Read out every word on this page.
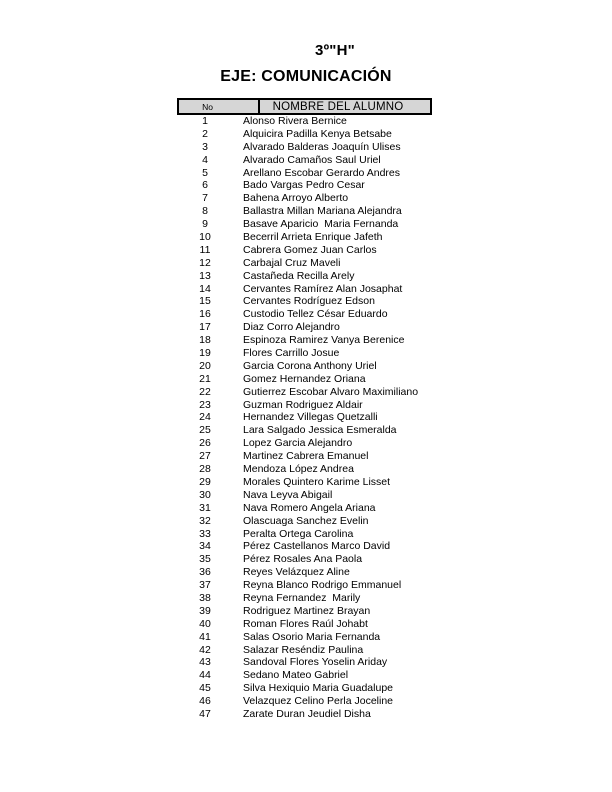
3º"H"
EJE: COMUNICACIÓN
No	NOMBRE DEL ALUMNO
1	Alonso Rivera Bernice
2	Alquicira Padilla Kenya Betsabe
3	Alvarado Balderas Joaquín Ulises
4	Alvarado Camaños Saul Uriel
5	Arellano Escobar Gerardo Andres
6	Bado Vargas Pedro Cesar
7	Bahena Arroyo Alberto
8	Ballastra Millan Mariana Alejandra
9	Basave Aparicio  Maria Fernanda
10	Becerril Arrieta Enrique Jafeth
11	Cabrera Gomez Juan Carlos
12	Carbajal Cruz Maveli
13	Castañeda Recilla Arely
14	Cervantes Ramírez Alan Josaphat
15	Cervantes Rodríguez Edson
16	Custodio Tellez César Eduardo
17	Diaz Corro Alejandro
18	Espinoza Ramirez Vanya Berenice
19	Flores Carrillo Josue
20	Garcia Corona Anthony Uriel
21	Gomez Hernandez Oriana
22	Gutierrez Escobar Alvaro Maximiliano
23	Guzman Rodriguez Aldair
24	Hernandez Villegas Quetzalli
25	Lara Salgado Jessica Esmeralda
26	Lopez Garcia Alejandro
27	Martinez Cabrera Emanuel
28	Mendoza López Andrea
29	Morales Quintero Karime Lisset
30	Nava Leyva Abigail
31	Nava Romero Angela Ariana
32	Olascuaga Sanchez Evelin
33	Peralta Ortega Carolina
34	Pérez Castellanos Marco David
35	Pérez Rosales Ana Paola
36	Reyes Velázquez Aline
37	Reyna Blanco Rodrigo Emmanuel
38	Reyna Fernandez  Marily
39	Rodriguez Martinez Brayan
40	Roman Flores Raúl Johabt
41	Salas Osorio Maria Fernanda
42	Salazar Reséndiz Paulina
43	Sandoval Flores Yoselin Ariday
44	Sedano Mateo Gabriel
45	Silva Hexiquio Maria Guadalupe
46	Velazquez Celino Perla Joceline
47	Zarate Duran Jeudiel Disha
